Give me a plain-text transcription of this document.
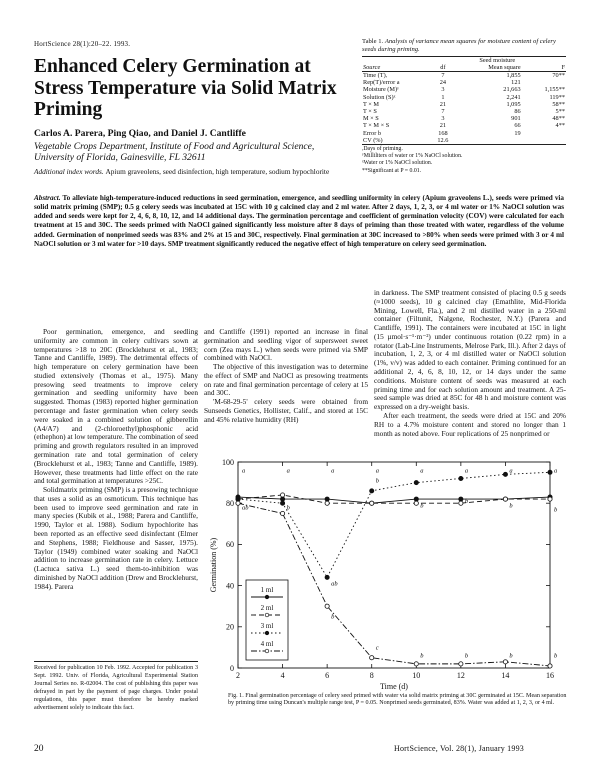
HortScience 28(1):20–22. 1993.
Enhanced Celery Germination at Stress Temperature via Solid Matrix Priming
Carlos A. Parera, Ping Qiao, and Daniel J. Cantliffe
Vegetable Crops Department, Institute of Food and Agricultural Science, University of Florida, Gainesville, FL 32611
Additional index words. Apium graveolens, seed disinfection, high temperature, sodium hypochlorite
Abstract. To alleviate high-temperature-induced reductions in seed germination, emergence, and seedling uniformity in celery (Apium graveolens L.), seeds were primed via solid matrix priming (SMP); 0.5 g celery seeds was incubated at 15C with 10 g calcined clay and 2 ml water. After 2 days, 1, 2, 3, or 4 ml water or 1% NaOCl solution was added and seeds were kept for 2, 4, 6, 8, 10, 12, and 14 additional days. The germination percentage and coefficient of germination velocity (COV) were calculated for each treatment at 15 and 30C. The seeds primed with NaOCl gained significantly less moisture after 8 days of priming than those treated with water, regardless of the volume added. Germination of nonprimed seeds was 83% and 2% at 15 and 30C, respectively. Final germination at 30C increased to >80% when seeds were primed with 3 or 4 ml NaOCl solution or 3 ml water for >10 days. SMP treatment significantly reduced the negative effect of high temperature on celery seed germination.
Table 1. Analysis of variance mean squares for moisture content of celery seeds during priming.
	Seed moisture		
Source	df	Mean square	F

Time (T)ᵣ	7	1,855	70**
Rep(T)/error a	24	121	
Moisture (M)ʸ	3	21,663	1,155**
Solution (S)ˣ	1	2,241	119**
T × M	21	1,095	58**
T × S	7	86	5**
M × S	3	901	48**
T × M × S	21	66	4**
Error b	168	19	
CV (%)	12.6		
ᵣDays of priming.
ʸMilliliters of water or 1% NaOCl solution.
ˣWater or 1% NaOCl solution.
**Significant at P = 0.01.

Poor germination, emergence, and seedling uniformity are common in celery cultivars sown at temperatures >18 to 20C (Brocklehurst et al., 1983; Tanne and Cantliffe, 1989). The detrimental effects of high temperature on celery germination have been studied extensively (Thomas et al., 1975). Many presowing seed treatments to improve celery germination and seedling uniformity have been suggested. Thomas (1983) reported higher germination percentage and faster germination when celery seeds were soaked in a combined solution of gibberellin (A4/A7) and (2-chloroethyl)phosphonic acid (ethephon) at low temperature. The combination of seed priming and growth regulators resulted in an improved germination rate and total germination of celery (Brocklehurst et al., 1983; Tanne and Cantliffe, 1989). However, these treatments had little effect on the rate and total germination at temperatures >25C.

Solidmatrix priming (SMP) is a presowing technique that uses a solid as an osmoticum. This technique has been used to improve seed germination and rate in many species (Kubik et al., 1988; Parera and Cantliffe, 1990, Taylor et al. 1988). Sodium hypochlorite has been reported as an effective seed disinfectant (Elmer and Stephens, 1988; Fieldhouse and Sasser, 1975). Taylor (1949) combined water soaking and NaOCl addition to increase germination rate in celery. Lettuce (Lactuca sativa L.) seed them-to-inhibition was diminished by NaOCl addition (Drew and Brocklehurst, 1984). Parera

and Cantliffe (1991) reported an increase in final germination and seedling vigor of supersweet sweet corn (Zea mays L.) when seeds were primed via SMP combined with NaOCl.

The objective of this investigation was to determine the effect of SMP and NaOCl as presowing treatments on rate and final germination percentage of celery at 15 and 30C.

'M-68-29-5' celery seeds were obtained from Sunseeds Genetics, Hollister, Calif., and stored at 15C and 45% relative humidity (RH)

in darkness. The SMP treatment consisted of placing 0.5 g seeds (≈1000 seeds), 10 g calcined clay (Emathlite, Mid-Florida Mining, Lowell, Fla.), and 2 ml distilled water in a 250-ml container (Filtunit, Nalgene, Rochester, N.Y.) (Parera and Cantliffe, 1991). The containers were incubated at 15C in light (15 µmol·s⁻¹·m⁻²) under continuous rotation (0.22 rpm) in a rotator (Lab-Line Instruments, Melrose Park, Ill.). After 2 days of incubation, 1, 2, 3, or 4 ml distilled water or NaOCl solution (1%, v/v) was added to each container. Priming continued for an additional 2, 4, 6, 8, 10, 12, or 14 days under the same conditions. Moisture content of seeds was measured at each priming time and for each solution amount and treatment. A 25-seed sample was dried at 85C for 48 h and moisture content was expressed on a dry-weight basis.

After each treatment, the seeds were dried at 15C and 20% RH to a 4.7% moisture content and stored no longer than 1 month as noted above. Four replications of 25 nonprimed or

Received for publication 10 Feb. 1992. Accepted for publication 3 Sept. 1992. Univ. of Florida, Agricultural Experimental Station Journal Series no. R-02004. The cost of publishing this paper was defrayed in part by the payment of page charges. Under postal regulations, this paper must therefore be hereby marked advertisement solely to indicate this fact.
2	4	6	8	10	12	14	16
0
20
40
60
80
100
Time (d)
Germination (%)
a	a	a	a	a	a	a	a
ab	b
ab
b
b
b
b
b
b
c
b	b	b	b
1 ml
2 ml
3 ml
4 ml
Fig. 1. Final germination percentage of celery seed primed with water via solid matrix priming at 30C germinated at 15C. Mean separation by priming time using Duncan's multiple range test, P = 0.05. Nonprimed seeds germinated, 83%. Water was added at 1, 2, 3, or 4 ml.
20	HortScience, Vol. 28(1), January 1993
